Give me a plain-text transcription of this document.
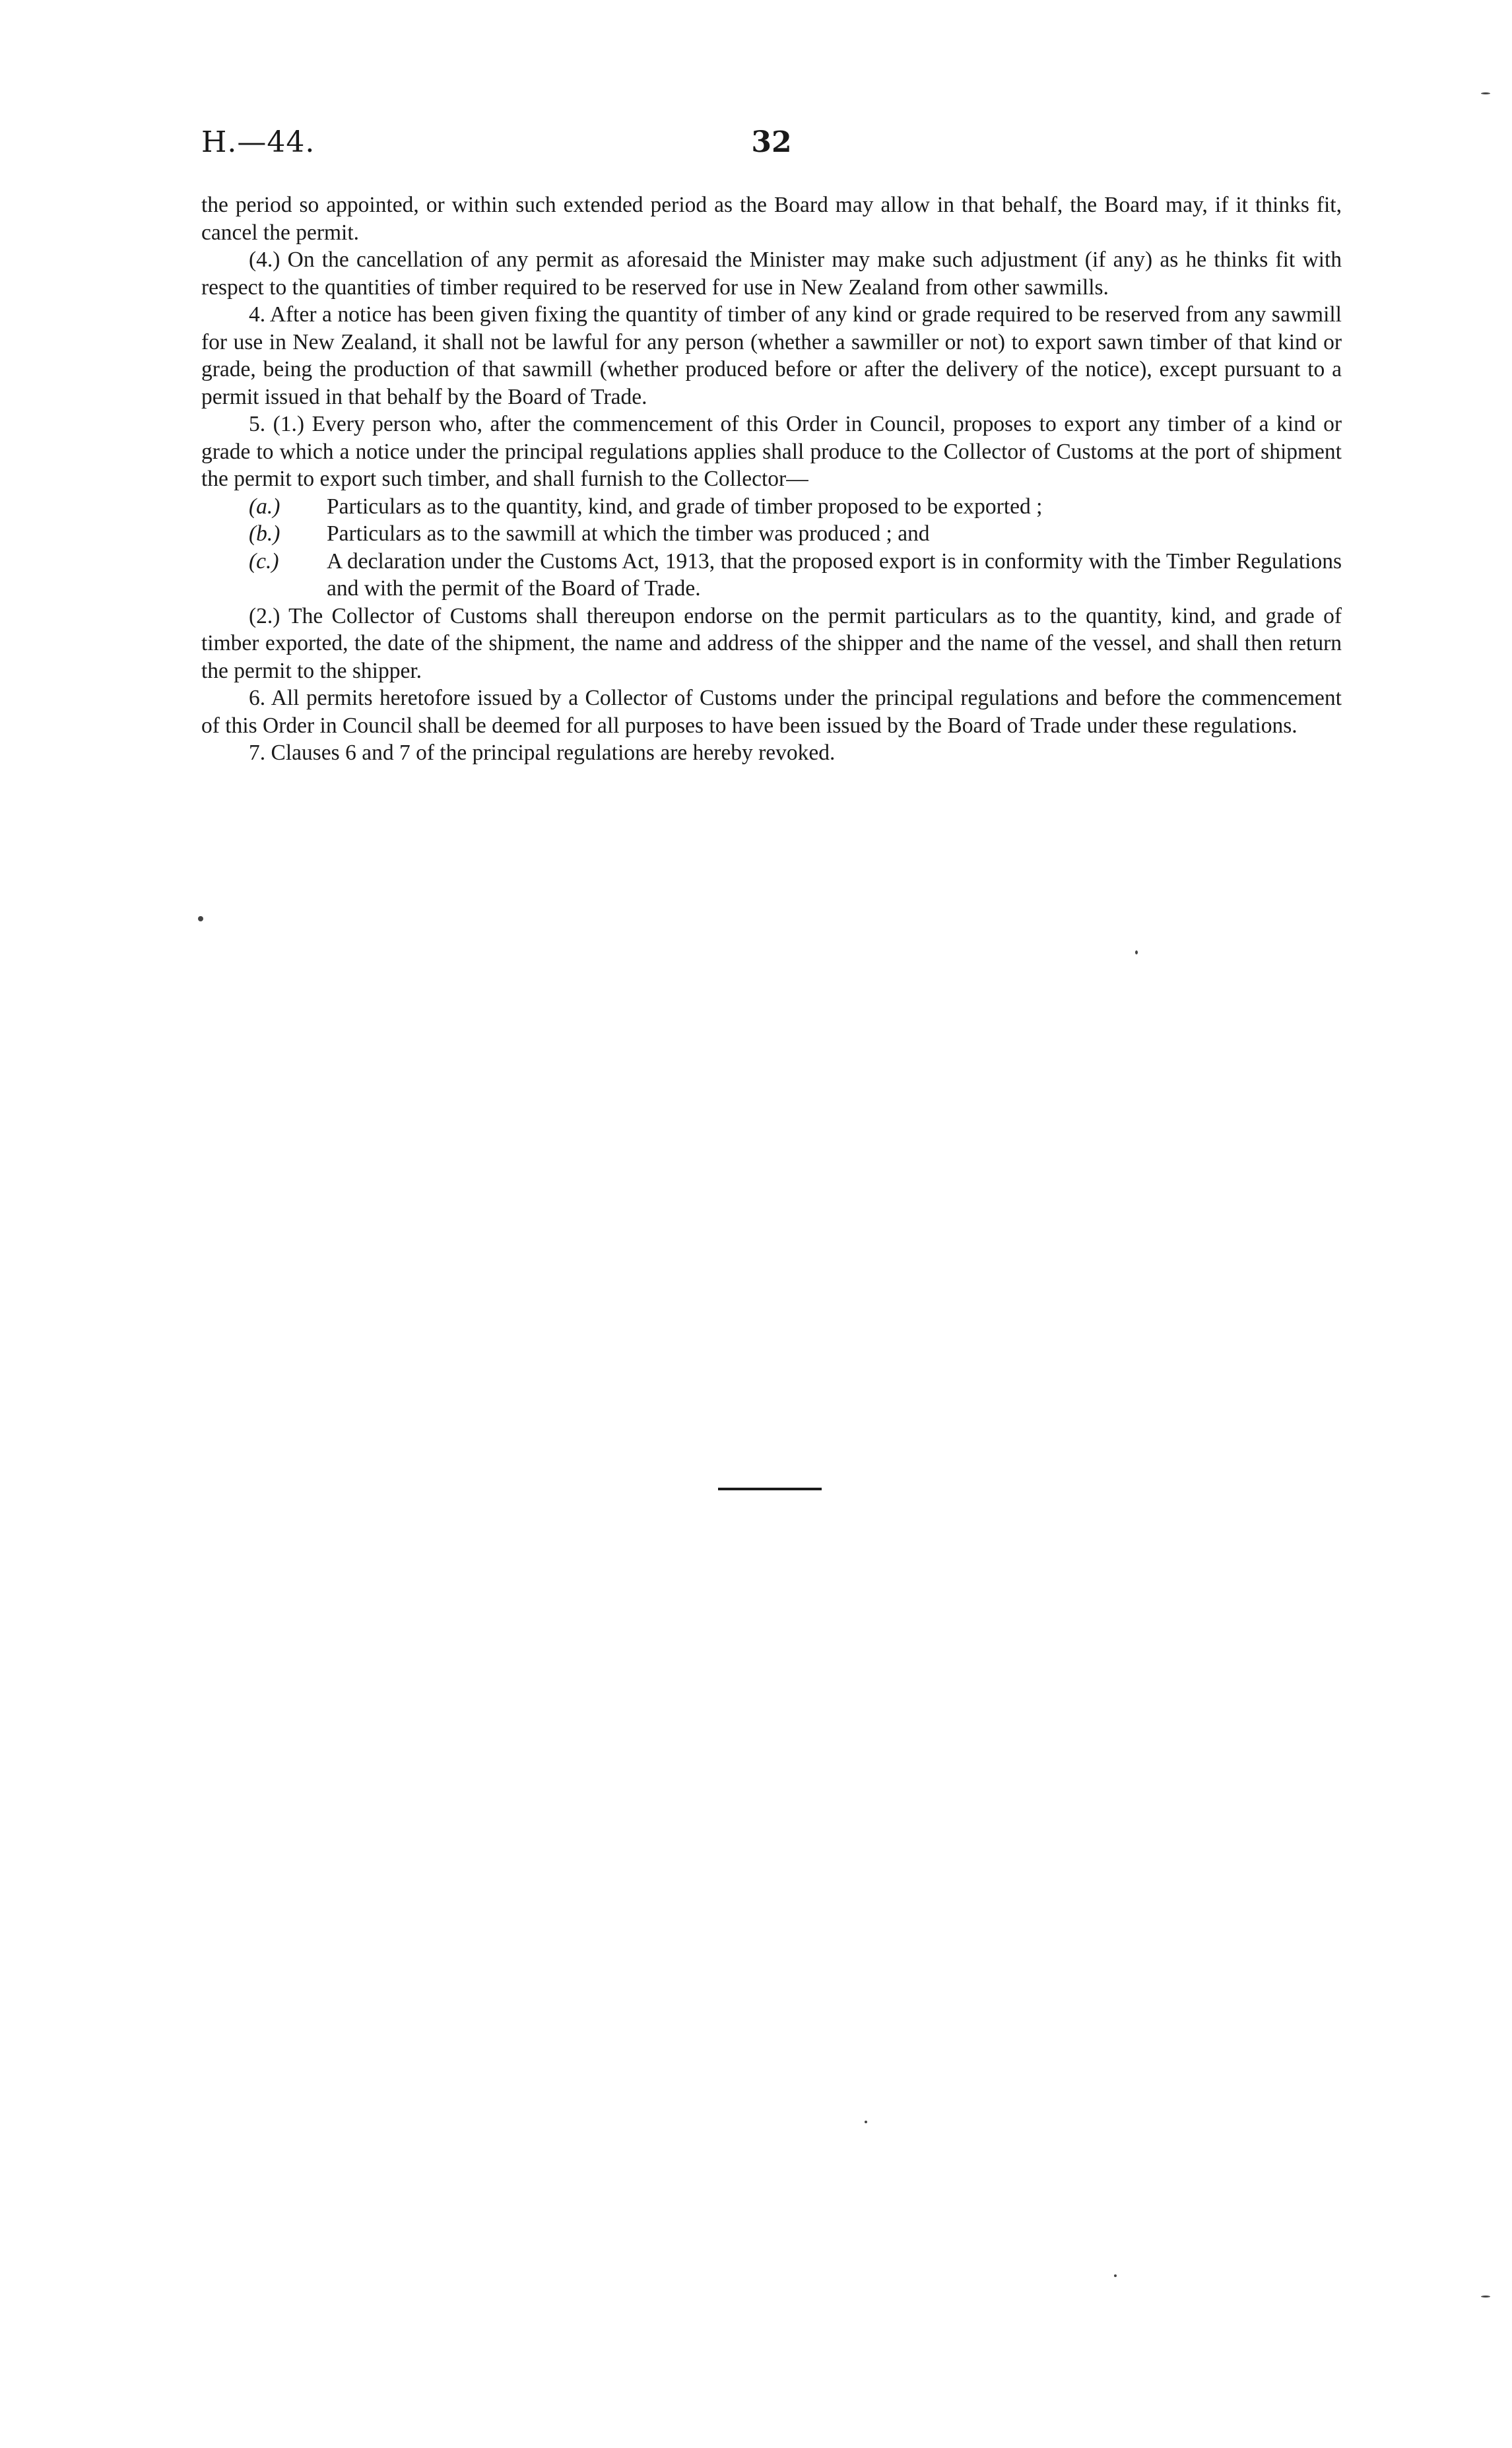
H.—44.	32

the period so appointed, or within such extended period as the Board may allow in that behalf, the Board may, if it thinks fit, cancel the permit.

(4.) On the cancellation of any permit as aforesaid the Minister may make such adjustment (if any) as he thinks fit with respect to the quantities of timber required to be reserved for use in New Zealand from other sawmills.

4. After a notice has been given fixing the quantity of timber of any kind or grade required to be reserved from any sawmill for use in New Zealand, it shall not be lawful for any person (whether a sawmiller or not) to export sawn timber of that kind or grade, being the production of that sawmill (whether produced before or after the delivery of the notice), except pursuant to a permit issued in that behalf by the Board of Trade.

5. (1.) Every person who, after the commencement of this Order in Council, proposes to export any timber of a kind or grade to which a notice under the principal regulations applies shall produce to the Collector of Customs at the port of shipment the permit to export such timber, and shall furnish to the Collector—

(a.) Particulars as to the quantity, kind, and grade of timber proposed to be exported ;

(b.) Particulars as to the sawmill at which the timber was produced ; and

(c.) A declaration under the Customs Act, 1913, that the proposed export is in conformity with the Timber Regulations and with the permit of the Board of Trade.

(2.) The Collector of Customs shall thereupon endorse on the permit particulars as to the quantity, kind, and grade of timber exported, the date of the shipment, the name and address of the shipper and the name of the vessel, and shall then return the permit to the shipper.

6. All permits heretofore issued by a Collector of Customs under the principal regulations and before the commencement of this Order in Council shall be deemed for all purposes to have been issued by the Board of Trade under these regulations.

7. Clauses 6 and 7 of the principal regulations are hereby revoked.
